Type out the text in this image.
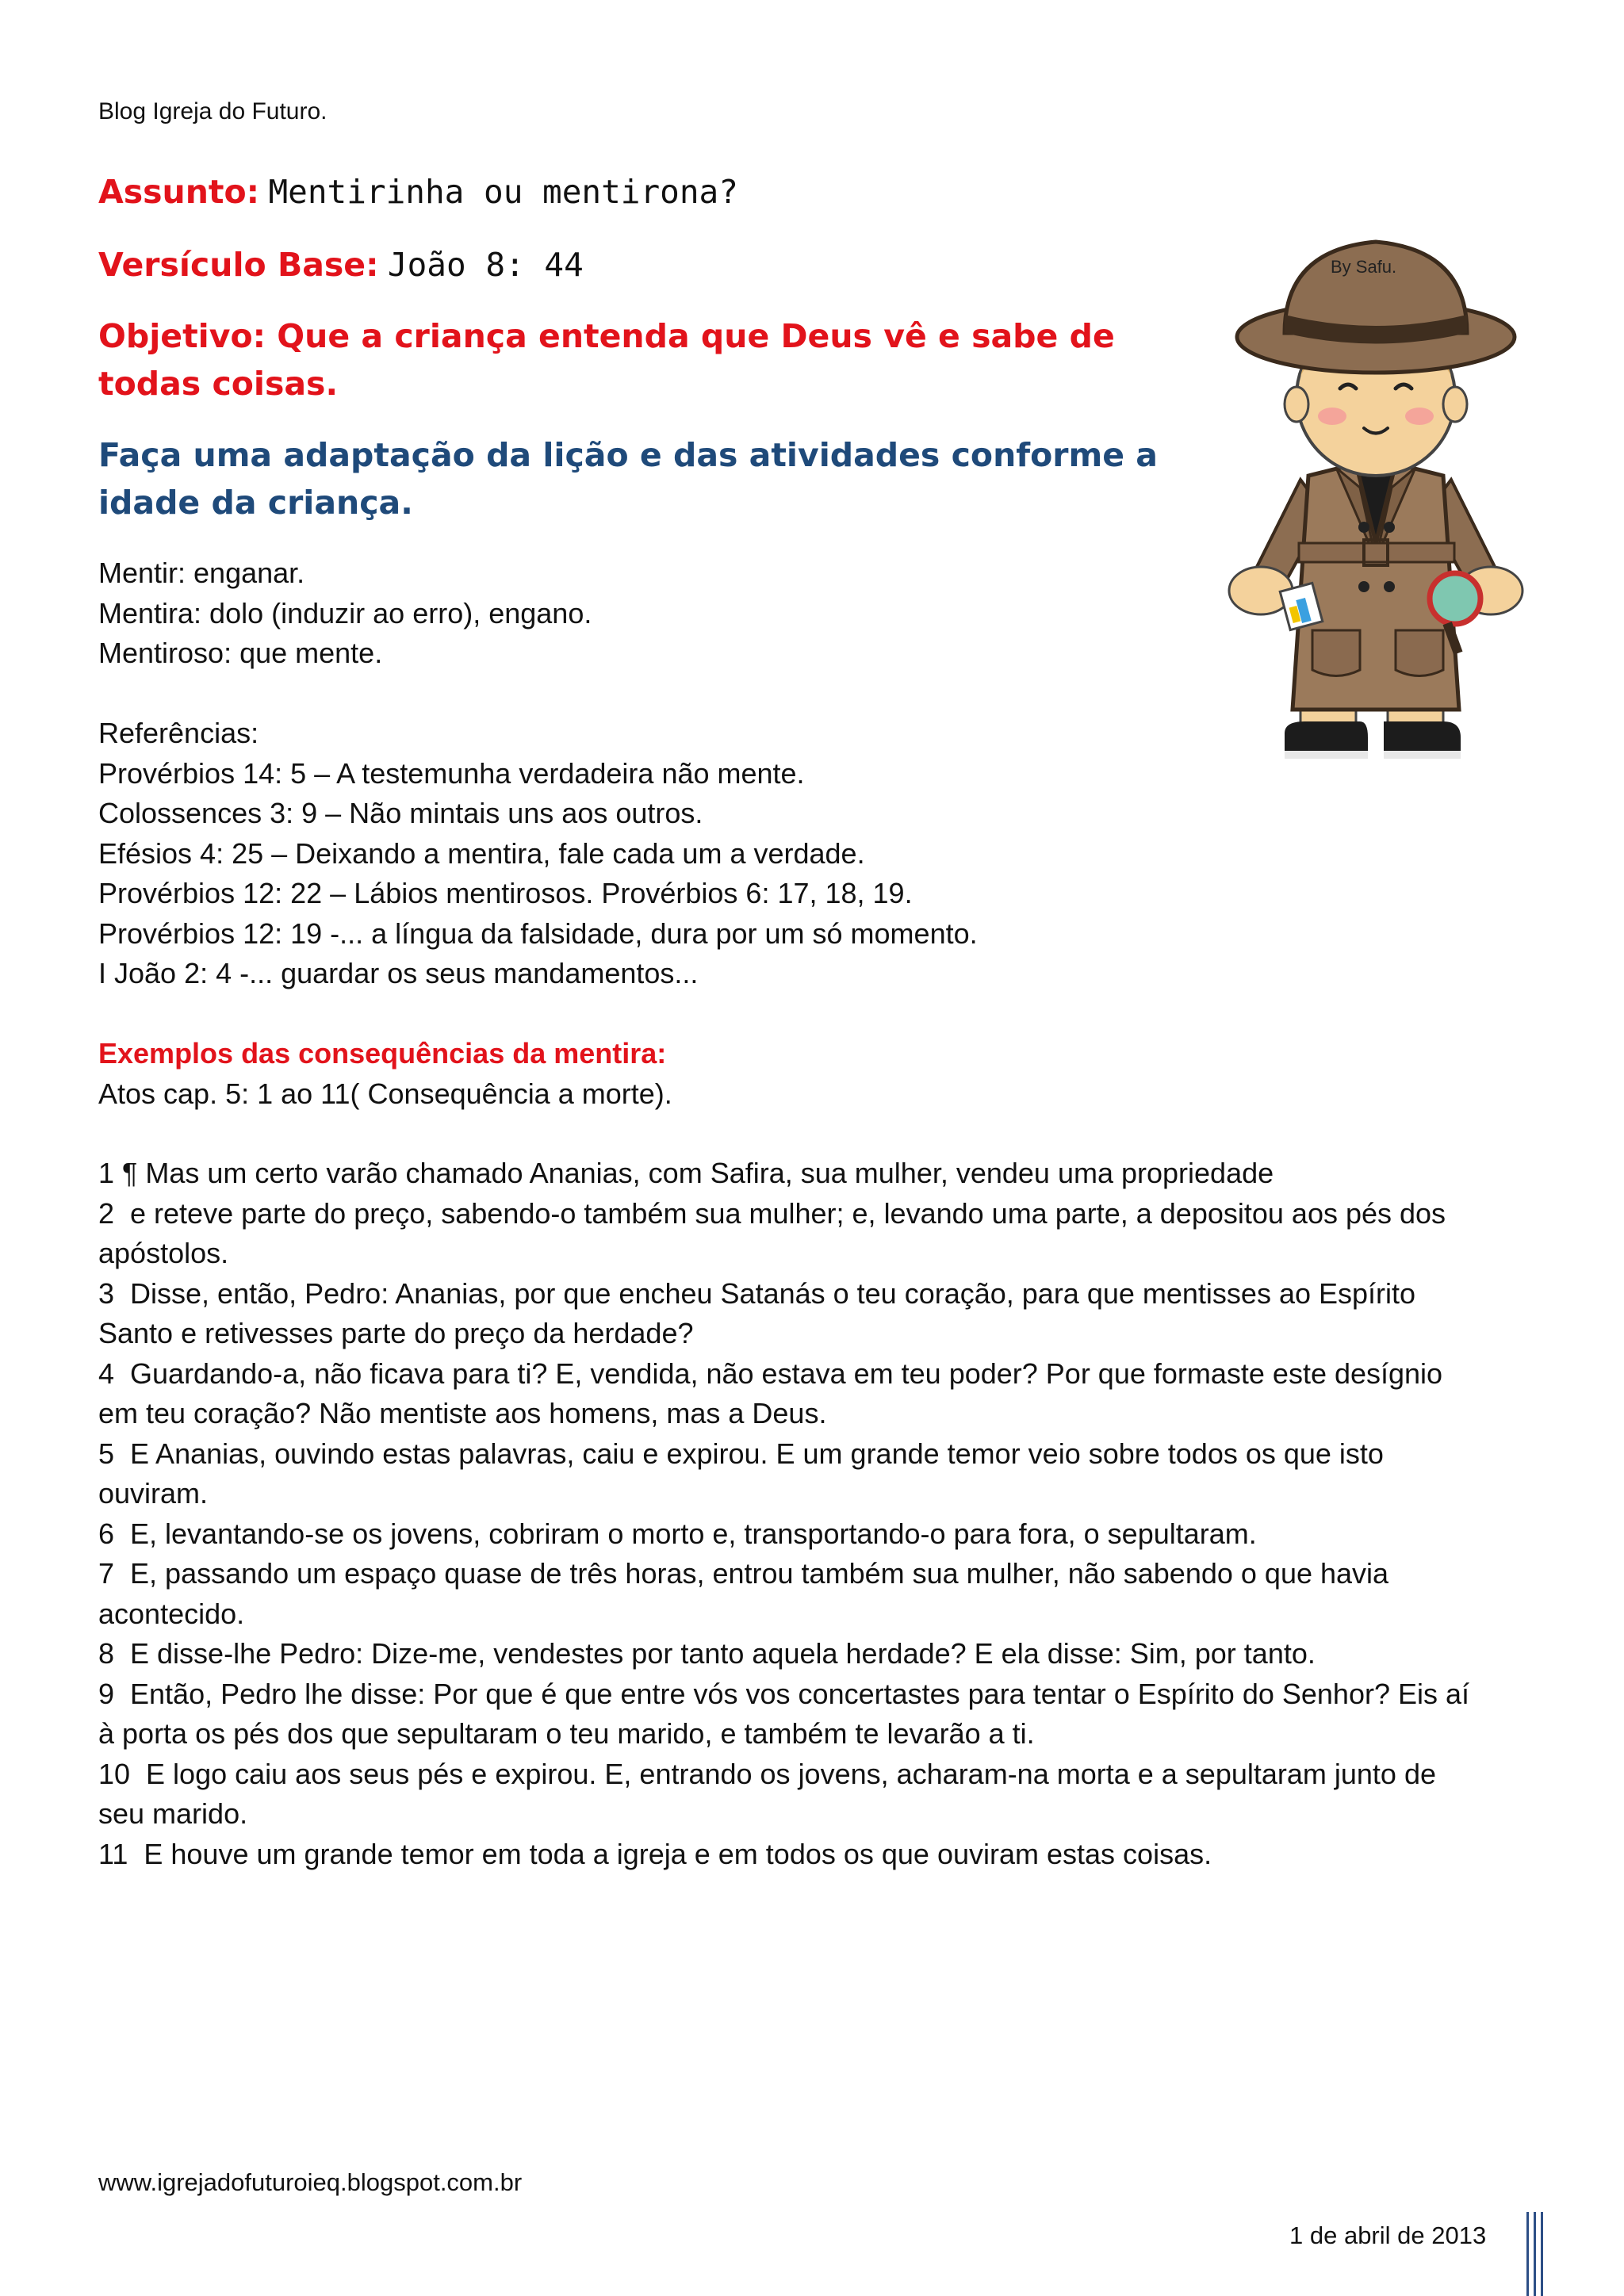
Blog Igreja do Futuro.
Assunto: Mentirinha ou mentirona?
Versículo Base: João 8: 44
Objetivo: Que a criança entenda que Deus vê e sabe de todas coisas.
Faça uma adaptação da lição e das atividades conforme a idade da criança.
Mentir: enganar.
Mentira: dolo (induzir ao erro), engano.
Mentiroso: que mente.
Referências:
Provérbios 14: 5 – A testemunha verdadeira não mente.
Colossences 3: 9 – Não mintais uns aos outros.
Efésios 4: 25 – Deixando a mentira, fale cada um a verdade.
Provérbios 12: 22 – Lábios mentirosos. Provérbios 6: 17, 18, 19.
Provérbios 12: 19 -... a língua da falsidade, dura por um só momento.
I João 2: 4 -... guardar os seus mandamentos...
Exemplos das consequências da mentira:
Atos cap. 5: 1 ao 11( Consequência a morte).
1 ¶ Mas um certo varão chamado Ananias, com Safira, sua mulher, vendeu uma propriedade
2  e reteve parte do preço, sabendo-o também sua mulher; e, levando uma parte, a depositou aos pés dos
apóstolos.
3  Disse, então, Pedro: Ananias, por que encheu Satanás o teu coração, para que mentisses ao Espírito
Santo e retivesses parte do preço da herdade?
4  Guardando-a, não ficava para ti? E, vendida, não estava em teu poder? Por que formaste este desígnio
em teu coração? Não mentiste aos homens, mas a Deus.
5  E Ananias, ouvindo estas palavras, caiu e expirou. E um grande temor veio sobre todos os que isto
ouviram.
6  E, levantando-se os jovens, cobriram o morto e, transportando-o para fora, o sepultaram.
7  E, passando um espaço quase de três horas, entrou também sua mulher, não sabendo o que havia
acontecido.
8  E disse-lhe Pedro: Dize-me, vendestes por tanto aquela herdade? E ela disse: Sim, por tanto.
9  Então, Pedro lhe disse: Por que é que entre vós vos concertastes para tentar o Espírito do Senhor? Eis aí
à porta os pés dos que sepultaram o teu marido, e também te levarão a ti.
10  E logo caiu aos seus pés e expirou. E, entrando os jovens, acharam-na morta e a sepultaram junto de
seu marido.
11  E houve um grande temor em toda a igreja e em todos os que ouviram estas coisas.
By Safu.
www.igrejadofuturoieq.blogspot.com.br
1 de abril de 2013
